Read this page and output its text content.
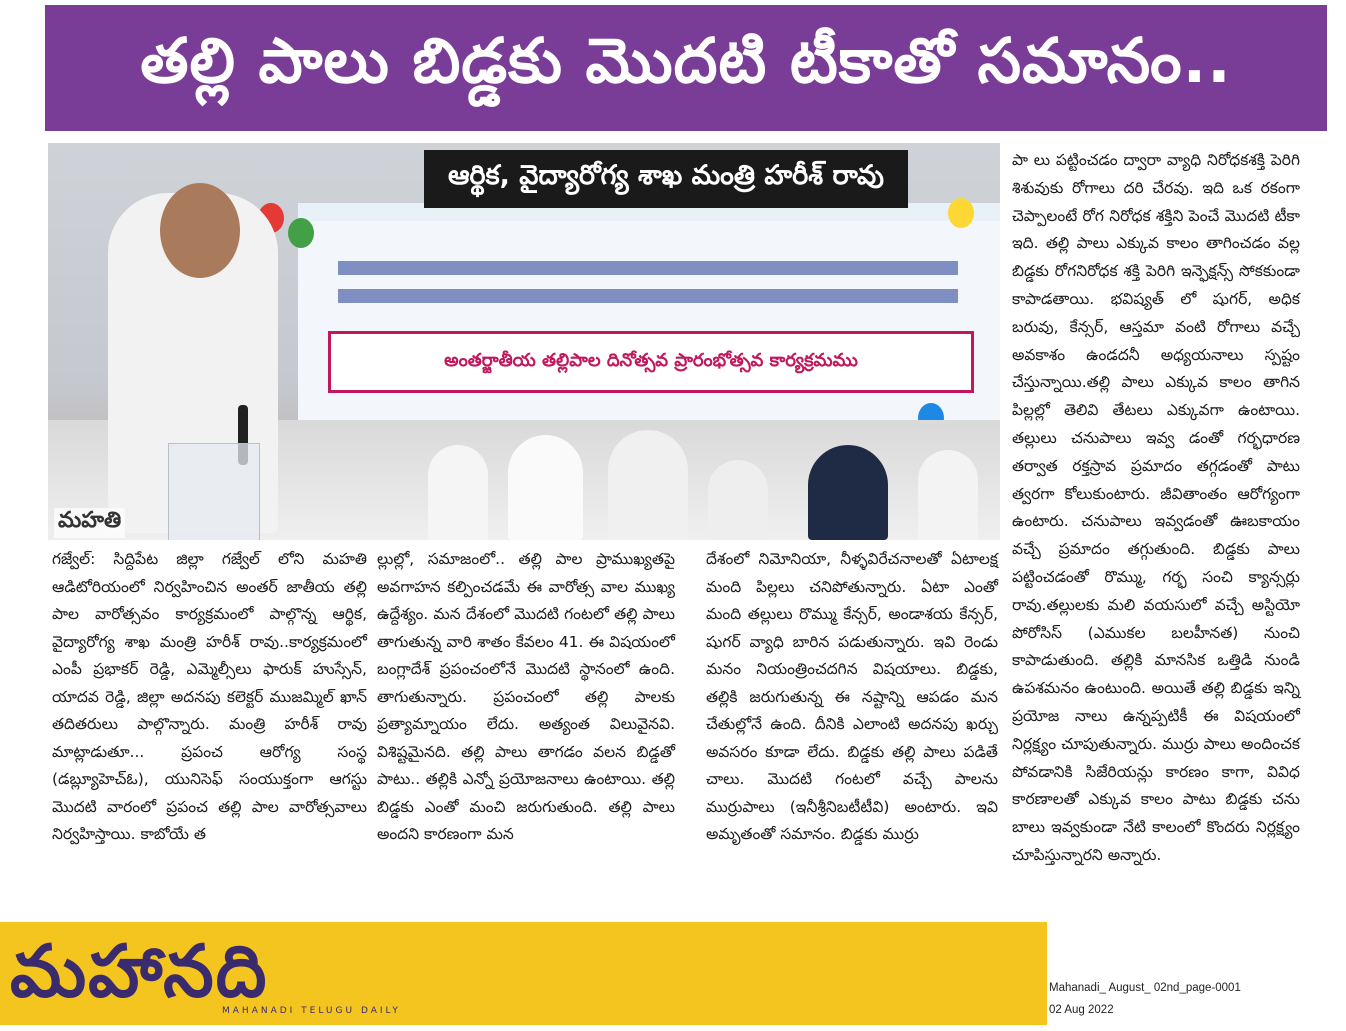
తల్లి పాలు బిడ్డకు మొదటి టీకాతో సమానం..
అంతర్జాతీయ తల్లిపాల దినోత్సవ ప్రారంభోత్సవ కార్యక్రమము
మహతి
ఆర్థిక, వైద్యారోగ్య శాఖ మంత్రి హరీశ్ రావు

గజ్వేల్: సిద్దిపేట జిల్లా గజ్వేల్ లోని మహతి ఆడిటోరియంలో నిర్వహించిన అంతర్ జాతీయ తల్లి పాల వారోత్సవం కార్యక్రమంలో పాల్గొన్న ఆర్థిక, వైద్యారోగ్య శాఖ మంత్రి హరీశ్ రావు..కార్యక్రమంలో ఎంపీ ప్రభాకర్ రెడ్డి, ఎమ్మెల్సీలు ఫారుక్ హుస్సేన్, యాదవ రెడ్డి, జిల్లా అదనపు కలెక్టర్ ముజమ్మిల్ ఖాన్ తదితరులు పాల్గొన్నారు. మంత్రి హరీశ్ రావు మాట్లాడుతూ... ప్రపంచ ఆరోగ్య సంస్థ (డబ్ల్యూహెచ్ఓ), యునిసెఫ్ సంయుక్తంగా ఆగస్టు మొదటి వారంలో ప్రపంచ తల్లి పాల వారోత్సవాలు నిర్వహిస్తాయి. కాబోయే త

ల్లుల్లో, సమాజంలో.. తల్లి పాల ప్రాముఖ్యతపై అవగాహన కల్పించడమే ఈ వారోత్స వాల ముఖ్య ఉద్దేశ్యం. మన దేశంలో మొదటి గంటలో తల్లి పాలు తాగుతున్న వారి శాతం కేవలం 41. ఈ విషయంలో బంగ్లాదేశ్ ప్రపంచంలోనే మొదటి స్థానంలో ఉంది. తాగుతున్నారు. ప్రపంచంలో తల్లి పాలకు ప్రత్యామ్నాయం లేదు. అత్యంత విలువైనవి. విశిష్టమైనది. తల్లి పాలు తాగడం వలన బిడ్డతో పాటు.. తల్లికి ఎన్నో ప్రయోజనాలు ఉంటాయి. తల్లి బిడ్డకు ఎంతో మంచి జరుగుతుంది. తల్లి పాలు అందని కారణంగా మన

దేశంలో నిమోనియా, నీళ్ళవిరేచనాలతో ఏటాలక్ష మంది పిల్లలు చనిపోతున్నారు. ఏటా ఎంతో మంది తల్లులు రొమ్ము కేన్సర్, అండాశయ కేన్సర్, షుగర్ వ్యాధి బారిన పడుతున్నారు. ఇవి రెండు మనం నియంత్రించదగిన విషయాలు. బిడ్డకు, తల్లికి జరుగుతున్న ఈ నష్టాన్ని ఆపడం మన చేతుల్లోనే ఉంది. దీనికి ఎలాంటి అదనపు ఖర్చు అవసరం కూడా లేదు. బిడ్డకు తల్లి పాలు పడితే చాలు. మొదటి గంటలో వచ్చే పాలను ముర్రుపాలు (ఇనీశ్రీనిబటీటీవి) అంటారు. ఇవి అమృతంతో సమానం. బిడ్డకు ముర్రు

పా లు పట్టించడం ద్వారా వ్యాధి నిరోధకశక్తి పెరిగి శిశువుకు రోగాలు దరి చేరవు. ఇది ఒక రకంగా చెప్పాలంటే రోగ నిరోధక శక్తిని పెంచే మొదటి టీకా ఇది. తల్లి పాలు ఎక్కువ కాలం తాగించడం వల్ల బిడ్డకు రోగనిరోధక శక్తి పెరిగి ఇన్ఫెక్షన్స్ సోకకుండా కాపాడతాయి. భవిష్యత్ లో షుగర్, అధిక బరువు, కేన్సర్, ఆస్తమా వంటి రోగాలు వచ్చే అవకాశం ఉండదనీ అధ్యయనాలు స్పష్టం చేస్తున్నాయి.తల్లి పాలు ఎక్కువ కాలం తాగిన పిల్లల్లో తెలివి తేటలు ఎక్కువగా ఉంటాయి. తల్లులు చనుపాలు ఇవ్వ డంతో గర్భధారణ తర్వాత రక్తస్రావ ప్రమాదం తగ్గడంతో పాటు త్వరగా కోలుకుంటారు. జీవితాంతం ఆరోగ్యంగా ఉంటారు. చనుపాలు ఇవ్వడంతో ఊబకాయం వచ్చే ప్రమాదం తగ్గుతుంది. బిడ్డకు పాలు పట్టించడంతో రొమ్ము, గర్భ సంచి క్యాన్సర్లు రావు.తల్లులకు మలి వయసులో వచ్చే అస్టియో పోరోసిస్ (ఎముకల బలహీనత) నుంచి కాపాడుతుంది. తల్లికి మానసిక ఒత్తిడి నుండి ఉపశమనం ఉంటుంది. అయితే తల్లి బిడ్డకు ఇన్ని ప్రయోజ నాలు ఉన్నప్పటికీ ఈ విషయంలో నిర్లక్ష్యం చూపుతున్నారు. ముర్రు పాలు అందించక పోవడానికి సిజేరియన్లు కారణం కాగా, వివిధ కారణాలతో ఎక్కువ కాలం పాటు బిడ్డకు చను బాలు ఇవ్వకుండా నేటి కాలంలో కొందరు నిర్లక్ష్యం చూపిస్తున్నారని అన్నారు.

మహానది
MAHANADI TELUGU DAILY
Mahanadi_ August_ 02nd_page-0001
02 Aug 2022
